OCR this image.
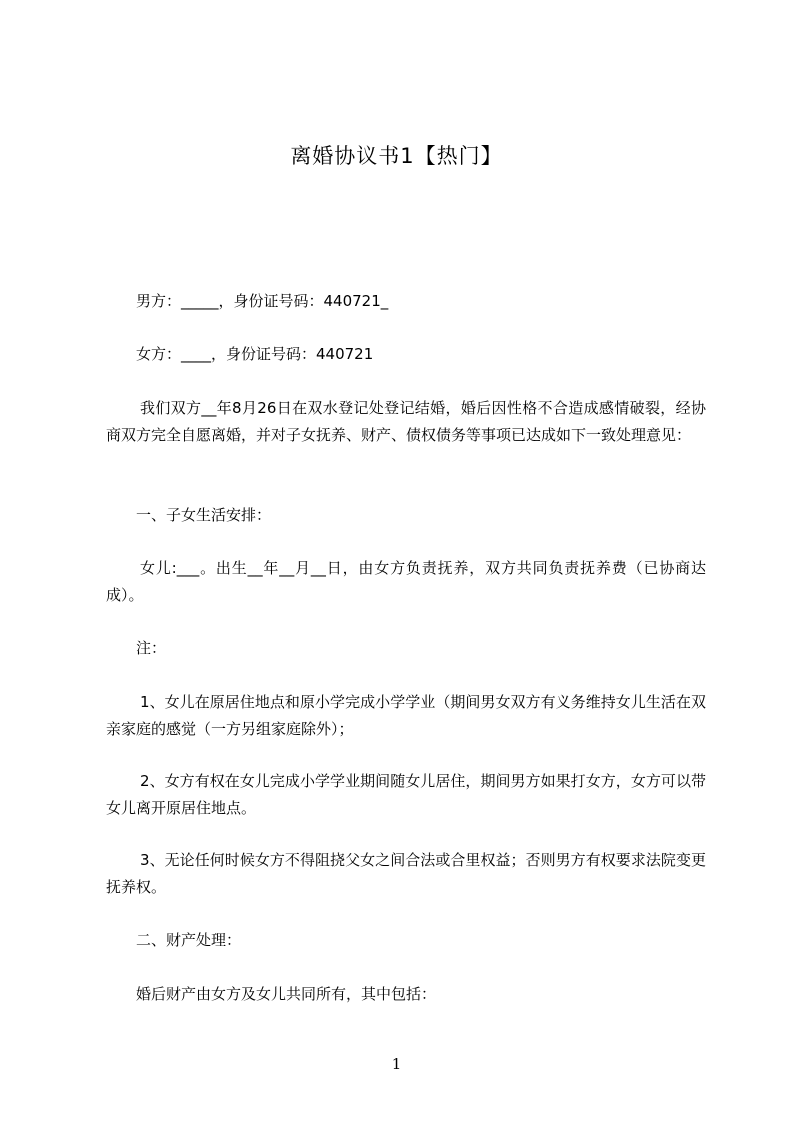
离婚协议书1【热门】
男方：_____，身份证号码：440721_
女方：____，身份证号码：440721
我们双方__年8月26日在双水登记处登记结婚，婚后因性格不合造成感情破裂，经协商双方完全自愿离婚，并对子女抚养、财产、债权债务等事项已达成如下一致处理意见：
一、子女生活安排：
女儿:___。出生__年__月__日，由女方负责抚养，双方共同负责抚养费（已协商达成）。
注：
1、女儿在原居住地点和原小学完成小学学业（期间男女双方有义务维持女儿生活在双亲家庭的感觉（一方另组家庭除外）；
2、女方有权在女儿完成小学学业期间随女儿居住，期间男方如果打女方，女方可以带女儿离开原居住地点。
3、无论任何时候女方不得阻挠父女之间合法或合里权益；否则男方有权要求法院变更抚养权。
二、财产处理：
婚后财产由女方及女儿共同所有，其中包括：
1
